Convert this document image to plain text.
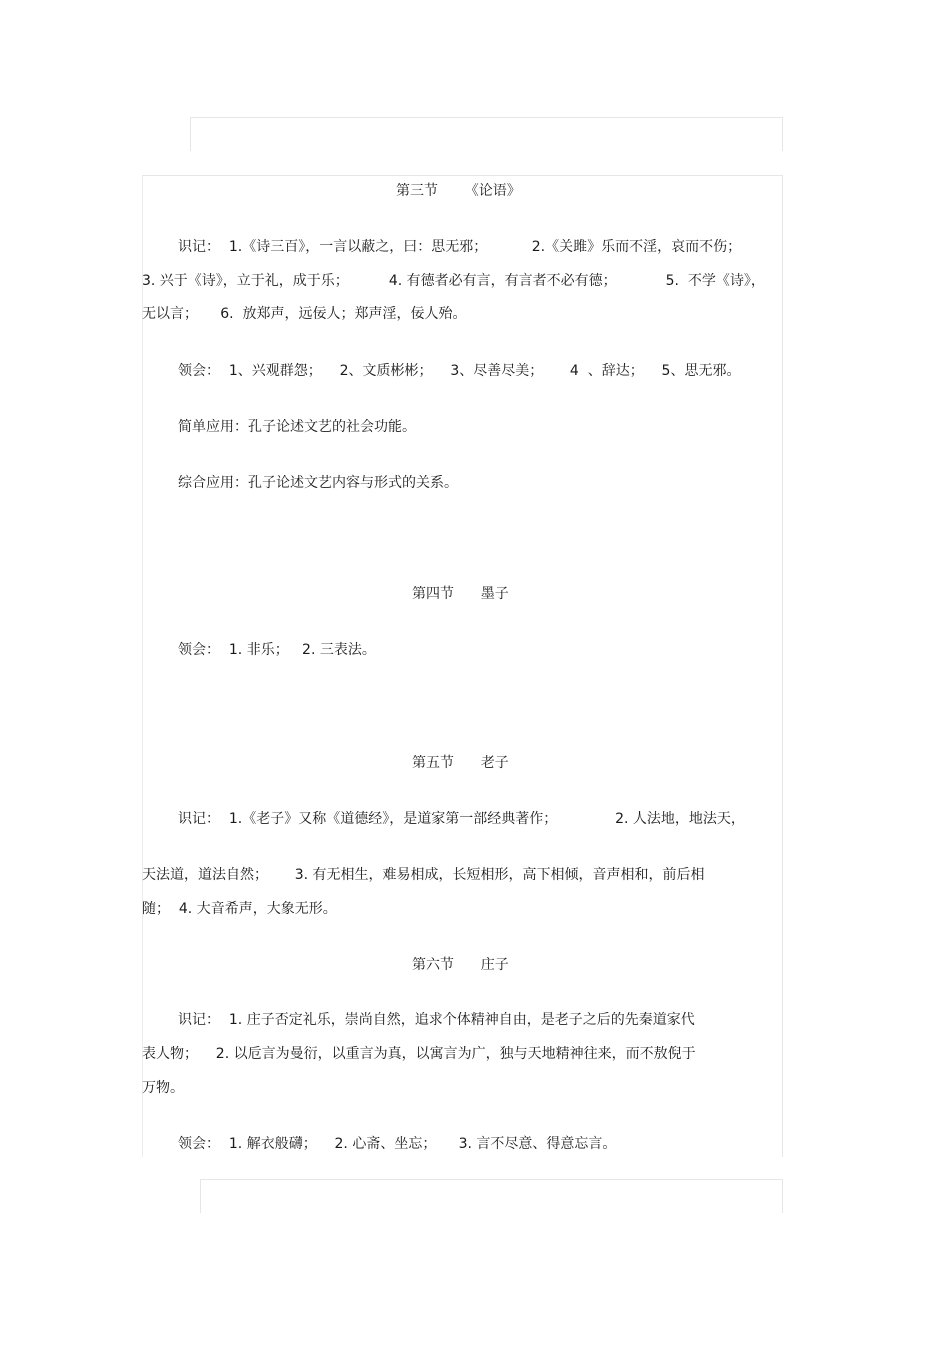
第三节      《论语》
识记：  1.《诗三百》，一言以蔽之，曰：思无邪；          2.《关雎》乐而不淫，哀而不伤；
3. 兴于《诗》，立于礼，成于乐；         4. 有德者必有言，有言者不必有德；           5.  不学《诗》，
无以言；     6.  放郑声，远佞人；郑声淫，佞人殆。
领会：  1、兴观群怨；    2、文质彬彬；    3、尽善尽美；      4  、辞达；    5、思无邪。
简单应用：孔子论述文艺的社会功能。
综合应用：孔子论述文艺内容与形式的关系。
第四节      墨子
领会：  1. 非乐；   2. 三表法。
第五节      老子
识记：  1.《老子》又称《道德经》，是道家第一部经典著作；             2. 人法地，地法天，
天法道，道法自然；      3. 有无相生，难易相成，长短相形，高下相倾，音声相和，前后相
随；  4. 大音希声，大象无形。
第六节      庄子
识记：  1. 庄子否定礼乐，崇尚自然，追求个体精神自由，是老子之后的先秦道家代
表人物；    2. 以卮言为曼衍，以重言为真，以寓言为广，独与天地精神往来，而不敖倪于
万物。
领会：  1. 解衣般礴；    2. 心斋、坐忘；     3. 言不尽意、得意忘言。
